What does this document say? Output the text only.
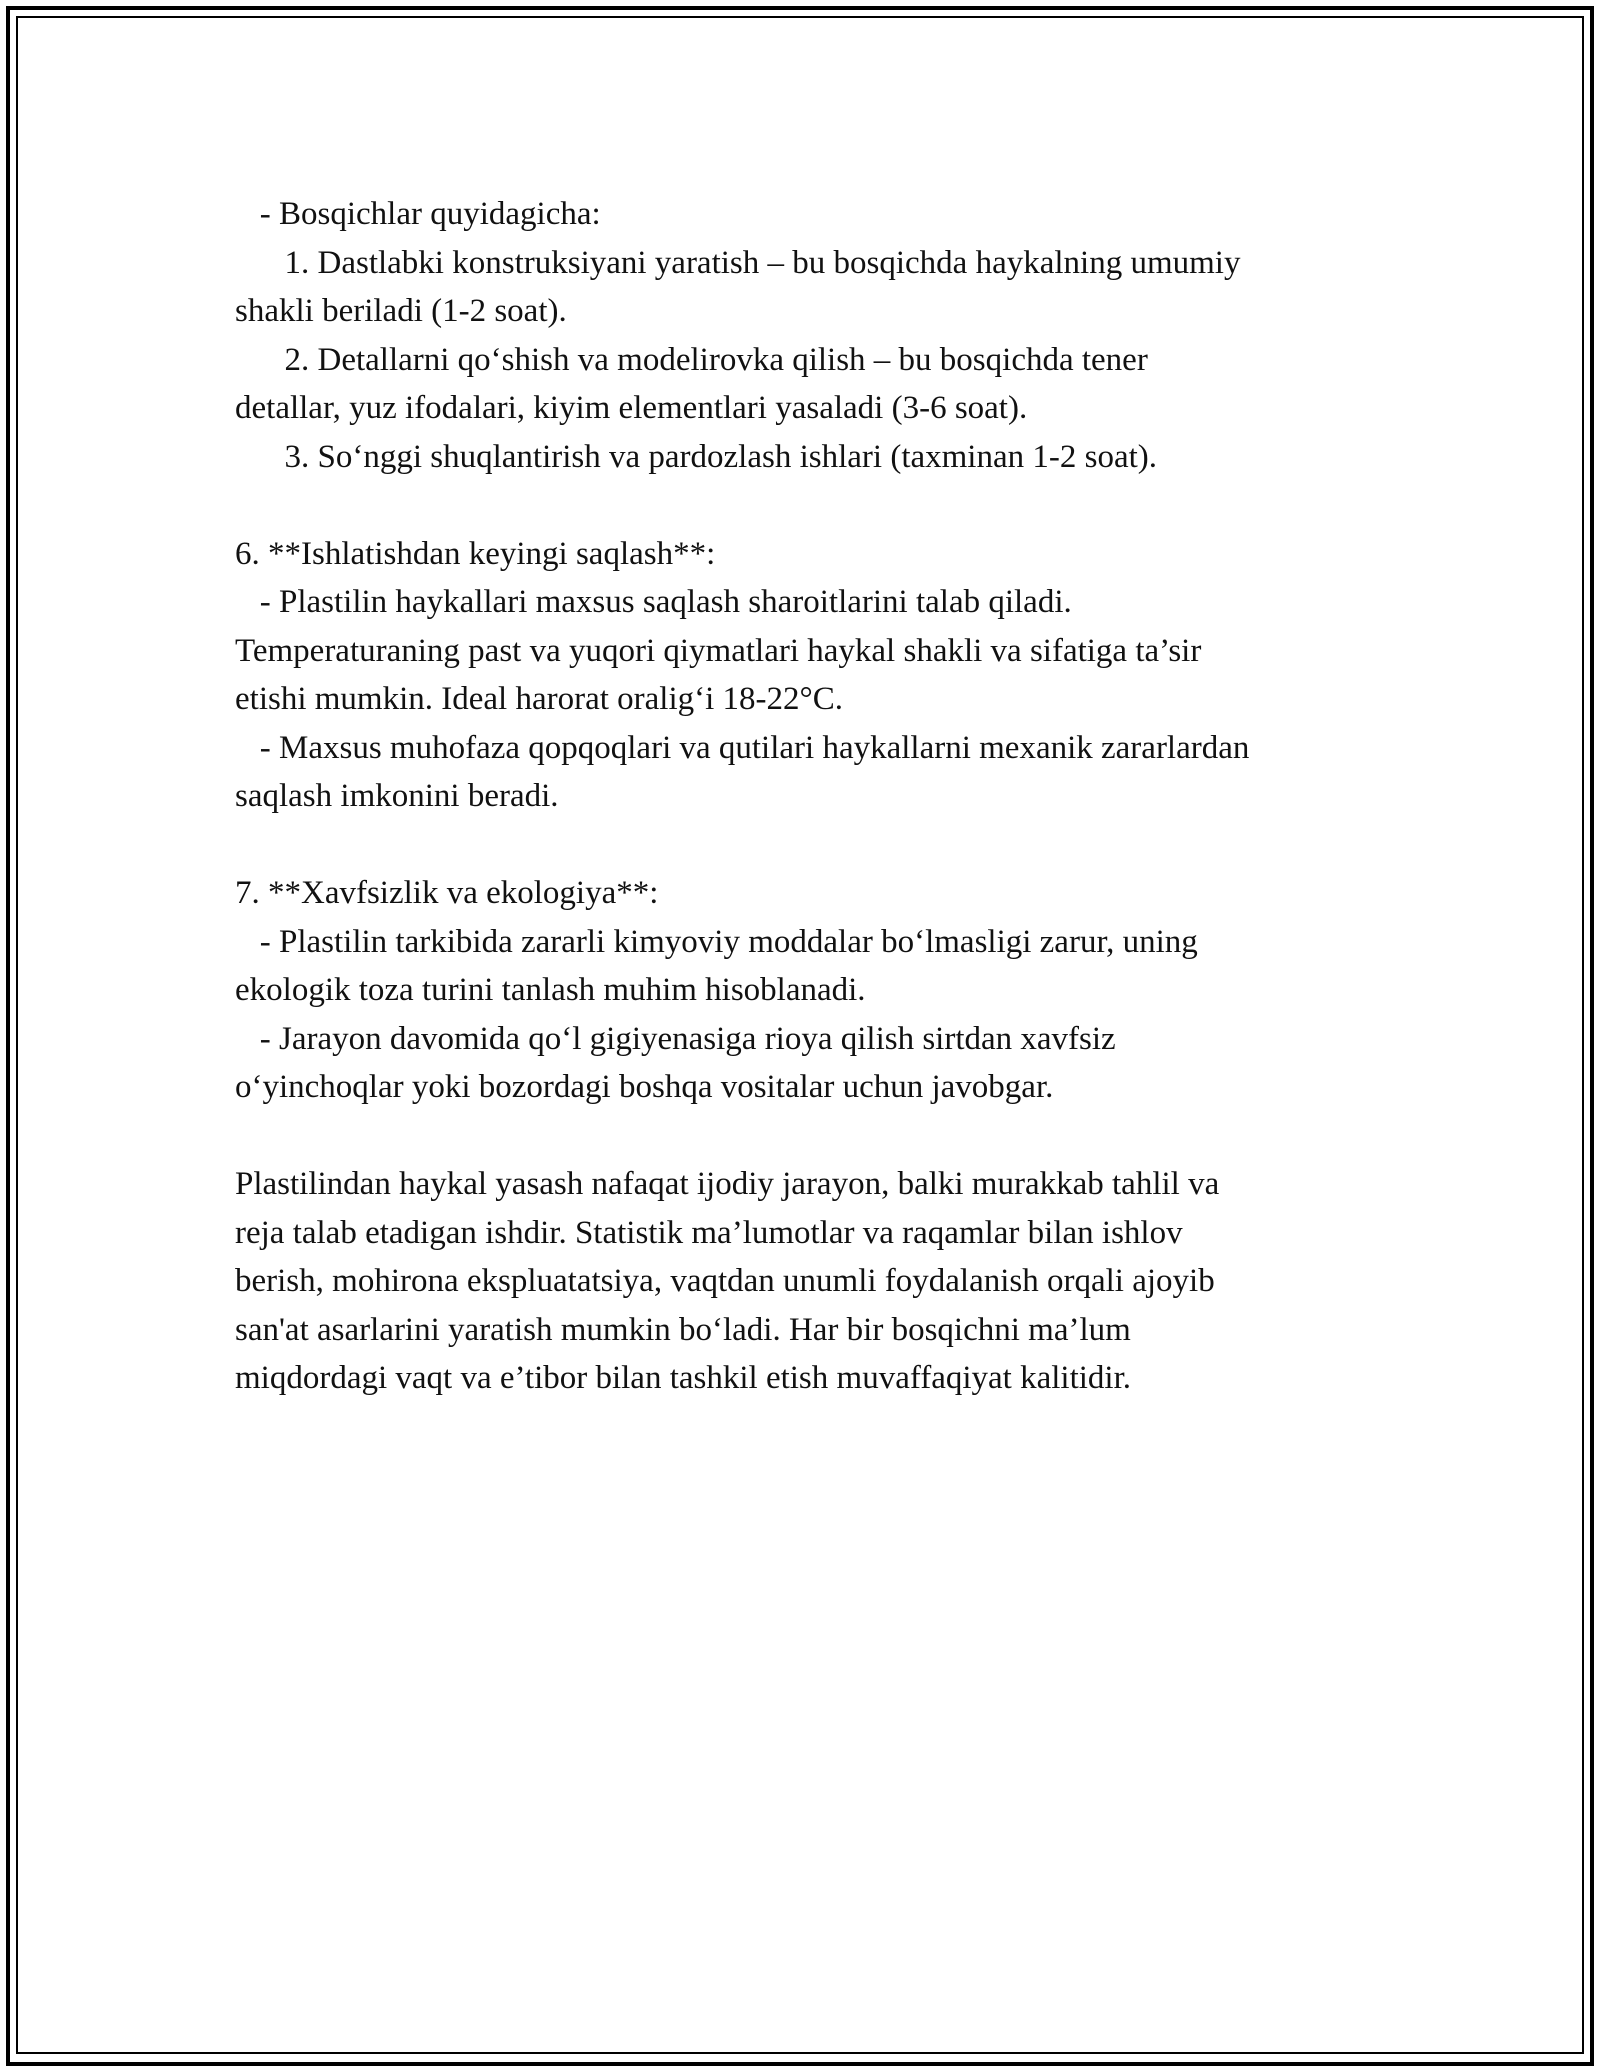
- Bosqichlar quyidagicha:
1. Dastlabki konstruksiyani yaratish – bu bosqichda haykalning umumiy
shakli beriladi (1-2 soat).
2. Detallarni qo‘shish va modelirovka qilish – bu bosqichda tener
detallar, yuz ifodalari, kiyim elementlari yasaladi (3-6 soat).
3. So‘nggi shuqlantirish va pardozlash ishlari (taxminan 1-2 soat).
6. **Ishlatishdan keyingi saqlash**:
- Plastilin haykallari maxsus saqlash sharoitlarini talab qiladi.
Temperaturaning past va yuqori qiymatlari haykal shakli va sifatiga ta’sir
etishi mumkin. Ideal harorat oralig‘i 18-22°C.
- Maxsus muhofaza qopqoqlari va qutilari haykallarni mexanik zararlardan
saqlash imkonini beradi.
7. **Xavfsizlik va ekologiya**:
- Plastilin tarkibida zararli kimyoviy moddalar bo‘lmasligi zarur, uning
ekologik toza turini tanlash muhim hisoblanadi.
- Jarayon davomida qo‘l gigiyenasiga rioya qilish sirtdan xavfsiz
o‘yinchoqlar yoki bozordagi boshqa vositalar uchun javobgar.
Plastilindan haykal yasash nafaqat ijodiy jarayon, balki murakkab tahlil va
reja talab etadigan ishdir. Statistik ma’lumotlar va raqamlar bilan ishlov
berish, mohirona ekspluatatsiya, vaqtdan unumli foydalanish orqali ajoyib
san'at asarlarini yaratish mumkin bo‘ladi. Har bir bosqichni ma’lum
miqdordagi vaqt va e’tibor bilan tashkil etish muvaffaqiyat kalitidir.
